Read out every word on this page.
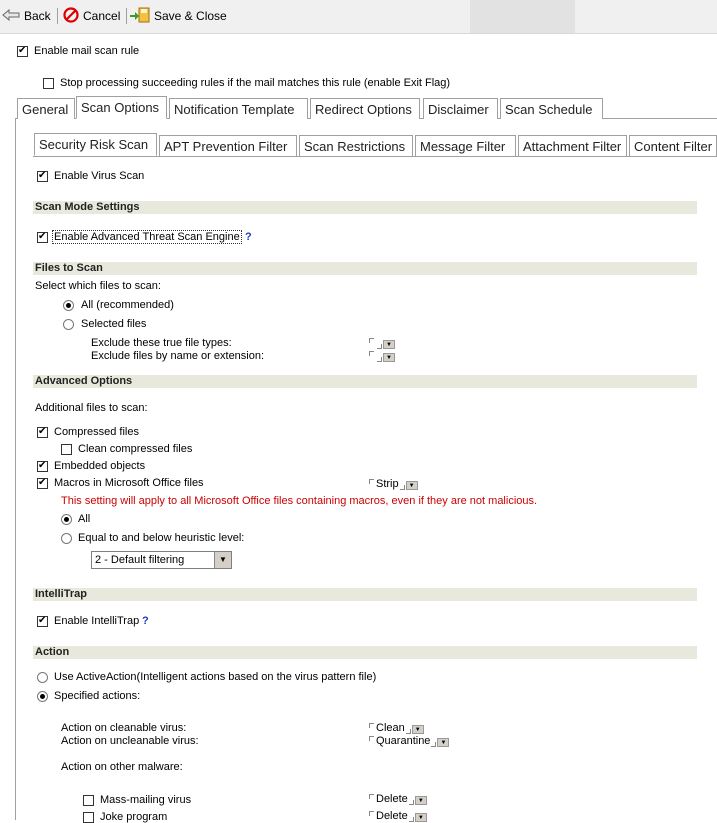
Back	Cancel	Save & Close
✔
Enable mail scan rule
Stop processing succeeding rules if the mail matches this rule (enable Exit Flag)
General Scan Options	Notification Template	Redirect Options	Disclaimer	Scan Schedule
Security Risk Scan	APT Prevention Filter	Scan Restrictions	Message Filter	Attachment Filter Content Filter
✔
Enable Virus Scan
Scan Mode Settings
✔
Enable Advanced Threat Scan Engine ?
Files to Scan
Select which files to scan:
All (recommended)
Selected files
Exclude these true file types:	▼
Exclude files by name or extension:	▼
Advanced Options
Additional files to scan:
✔
Compressed files
Clean compressed files
✔
Embedded objects
✔
Macros in Microsoft Office files	Strip	▼
This setting will apply to all Microsoft Office files containing macros, even if they are not malicious.
All
Equal to and below heuristic level:
2 - Default filtering	▼
IntelliTrap
✔
Enable IntelliTrap ?
Action
Use ActiveAction(Intelligent actions based on the virus pattern file)
Specified actions:
Action on cleanable virus:	Clean	▼
Action on uncleanable virus:	Quarantine	▼
Action on other malware:
Mass-mailing virus	Delete	▼
Joke program	Delete	▼
